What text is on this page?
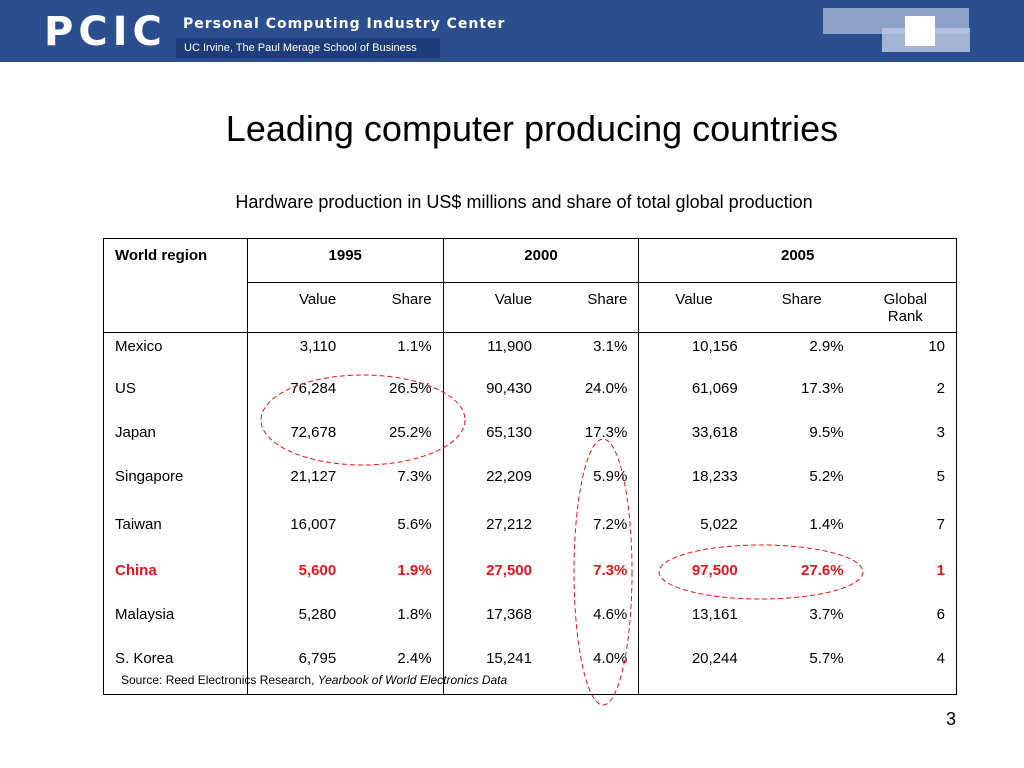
PCIC Personal Computing Industry Center
UC Irvine, The Paul Merage School of Business
Leading computer producing countries
Hardware production in US$ millions and share of total global production
World region	1995		2000		2005		
	Value	Share	Value	Share	Value	Share	Global Rank
Mexico	3,110	1.1%	11,900	3.1%	10,156	2.9%	10
US	76,284	26.5%	90,430	24.0%	61,069	17.3%	2
Japan	72,678	25.2%	65,130	17.3%	33,618	9.5%	3
Singapore	21,127	7.3%	22,209	5.9%	18,233	5.2%	5
Taiwan	16,007	5.6%	27,212	7.2%	5,022	1.4%	7
China	5,600	1.9%	27,500	7.3%	97,500	27.6%	1
Malaysia	5,280	1.8%	17,368	4.6%	13,161	3.7%	6
S. Korea	6,795	2.4%	15,241	4.0%	20,244	5.7%	4
Source: Reed Electronics Research, Yearbook of World Electronics Data
3
